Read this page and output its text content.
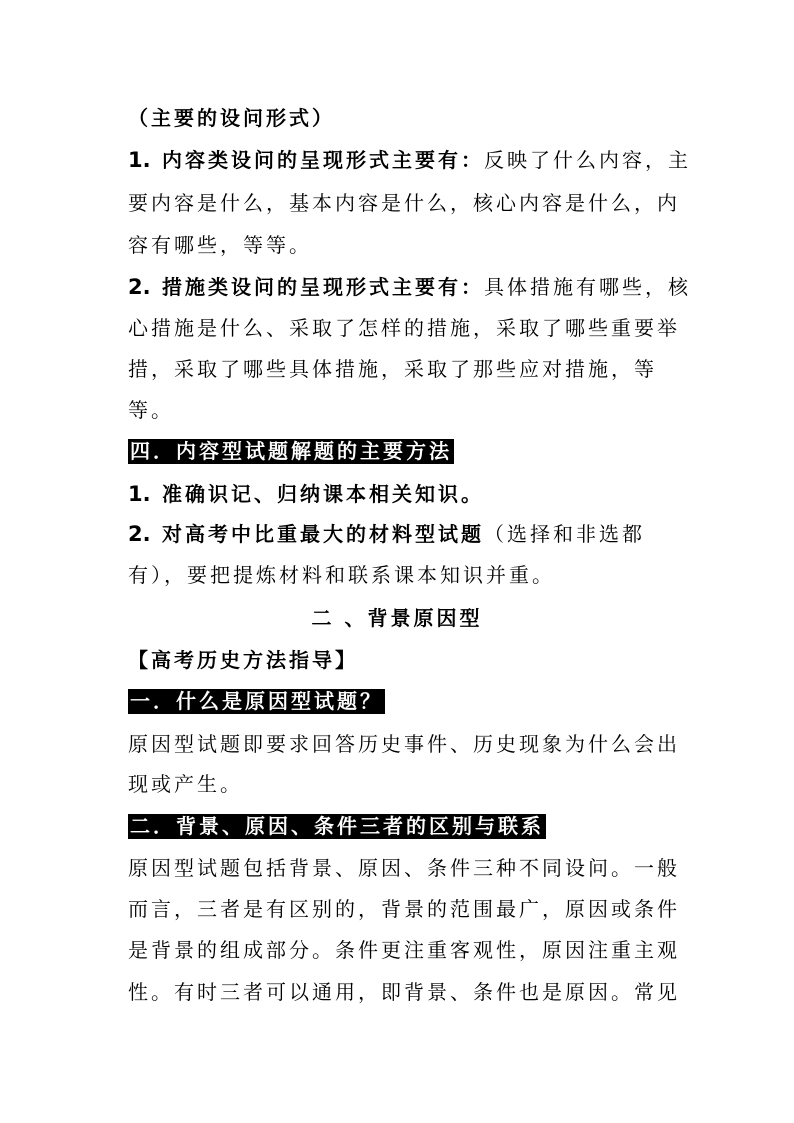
（主要的设问形式）
1. 内容类设问的呈现形式主要有：反映了什么内容，主
要内容是什么，基本内容是什么，核心内容是什么，内
容有哪些，等等。
2. 措施类设问的呈现形式主要有：具体措施有哪些，核
心措施是什么、采取了怎样的措施，采取了哪些重要举
措，采取了哪些具体措施，采取了那些应对措施，等
等。
四．内容型试题解题的主要方法
1. 准确识记、归纳课本相关知识。
2. 对高考中比重最大的材料型试题（选择和非选都
有），要把提炼材料和联系课本知识并重。
二 、背景原因型
【高考历史方法指导】
一．什么是原因型试题？
原因型试题即要求回答历史事件、历史现象为什么会出
现或产生。
二．背景、原因、条件三者的区别与联系
原因型试题包括背景、原因、条件三种不同设问。一般
而言，三者是有区别的，背景的范围最广，原因或条件
是背景的组成部分。条件更注重客观性，原因注重主观
性。有时三者可以通用，即背景、条件也是原因。常见
